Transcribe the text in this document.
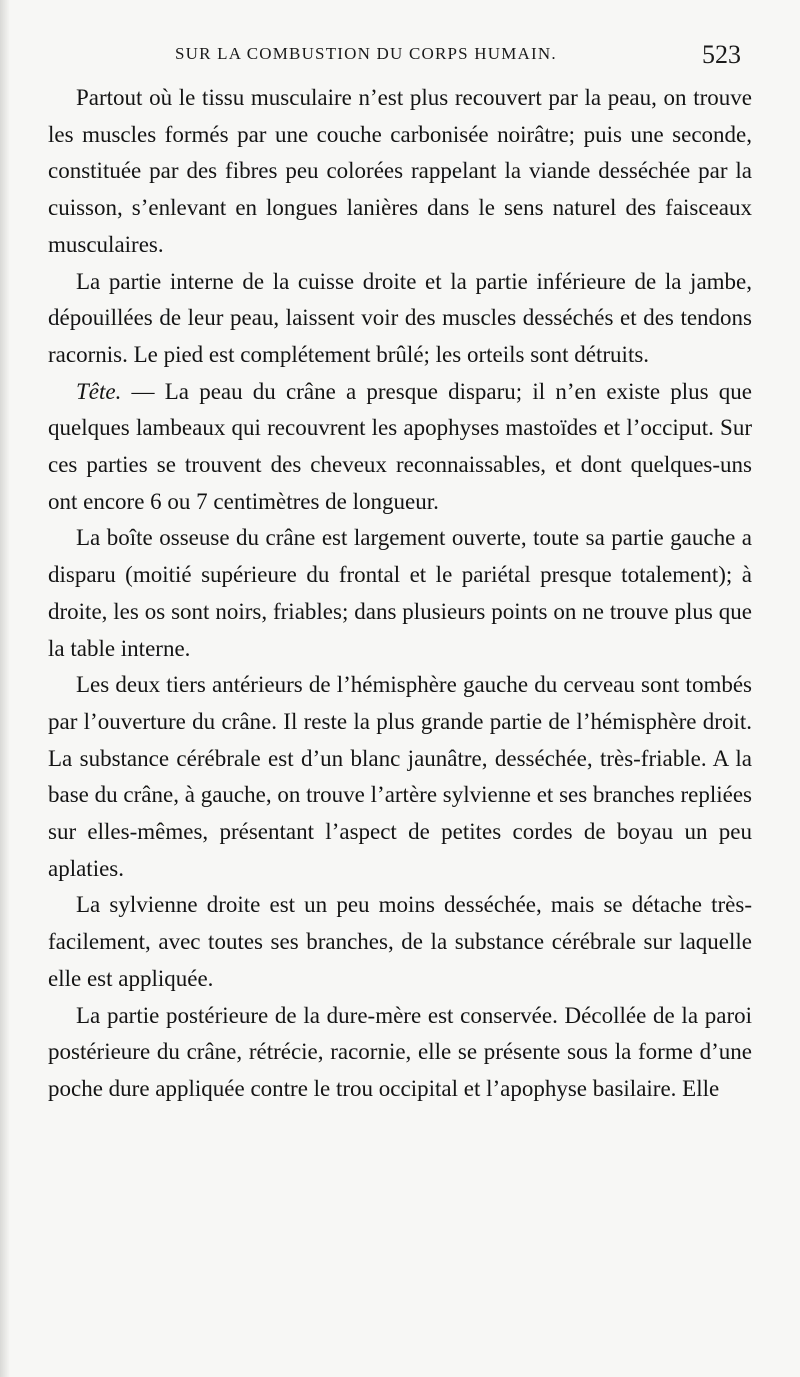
SUR LA COMBUSTION DU CORPS HUMAIN.	523

Partout où le tissu musculaire n’est plus recouvert par la peau, on trouve les muscles formés par une couche carbonisée noirâtre; puis une seconde, constituée par des fibres peu colorées rappelant la viande desséchée par la cuisson, s’enlevant en longues lanières dans le sens naturel des faisceaux musculaires.

La partie interne de la cuisse droite et la partie inférieure de la jambe, dépouillées de leur peau, laissent voir des muscles desséchés et des tendons racornis. Le pied est complétement brûlé; les orteils sont détruits.

Tête. — La peau du crâne a presque disparu; il n’en existe plus que quelques lambeaux qui recouvrent les apophyses mastoïdes et l’occiput. Sur ces parties se trouvent des cheveux reconnaissables, et dont quelques-uns ont encore 6 ou 7 centimètres de longueur.

La boîte osseuse du crâne est largement ouverte, toute sa partie gauche a disparu (moitié supérieure du frontal et le pariétal presque totalement); à droite, les os sont noirs, friables; dans plusieurs points on ne trouve plus que la table interne.

Les deux tiers antérieurs de l’hémisphère gauche du cerveau sont tombés par l’ouverture du crâne. Il reste la plus grande partie de l’hémisphère droit. La substance cérébrale est d’un blanc jaunâtre, desséchée, très-friable. A la base du crâne, à gauche, on trouve l’artère sylvienne et ses branches repliées sur elles-mêmes, présentant l’aspect de petites cordes de boyau un peu aplaties.

La sylvienne droite est un peu moins desséchée, mais se détache très-facilement, avec toutes ses branches, de la substance cérébrale sur laquelle elle est appliquée.

La partie postérieure de la dure-mère est conservée. Décollée de la paroi postérieure du crâne, rétrécie, racornie, elle se présente sous la forme d’une poche dure appliquée contre le trou occipital et l’apophyse basilaire. Elle
